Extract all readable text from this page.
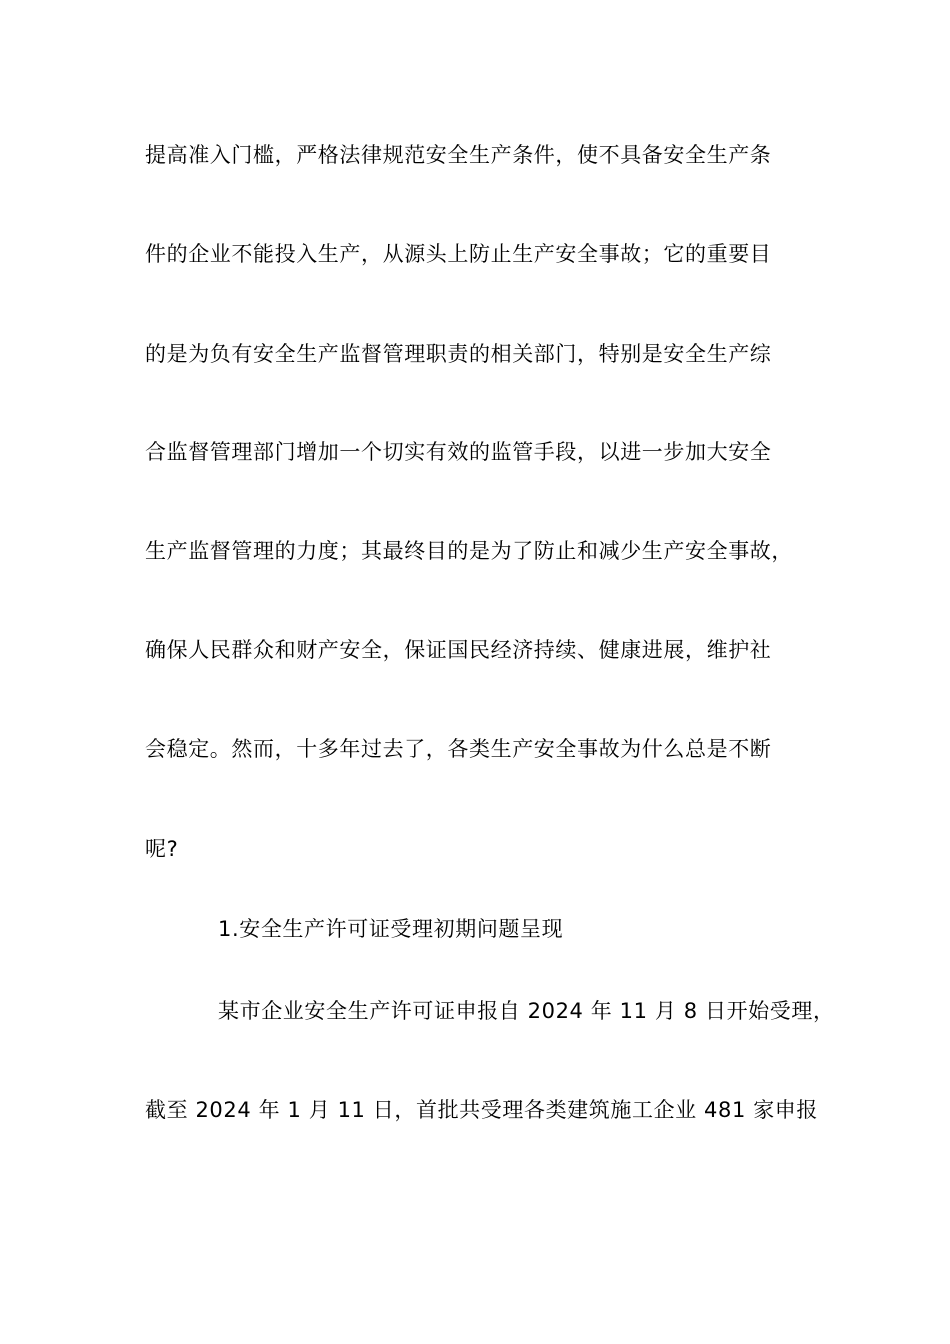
提高准入门槛，严格法律规范安全生产条件，使不具备安全生产条
件的企业不能投入生产，从源头上防止生产安全事故；它的重要目
的是为负有安全生产监督管理职责的相关部门，特别是安全生产综
合监督管理部门增加一个切实有效的监管手段，以进一步加大安全
生产监督管理的力度；其最终目的是为了防止和减少生产安全事故，
确保人民群众和财产安全，保证国民经济持续、健康进展，维护社
会稳定。然而，十多年过去了，各类生产安全事故为什么总是不断
呢?
1.安全生产许可证受理初期问题呈现
某市企业安全生产许可证申报自 2024 年 11 月 8 日开始受理，
截至 2024 年 1 月 11 日，首批共受理各类建筑施工企业 481 家申报
